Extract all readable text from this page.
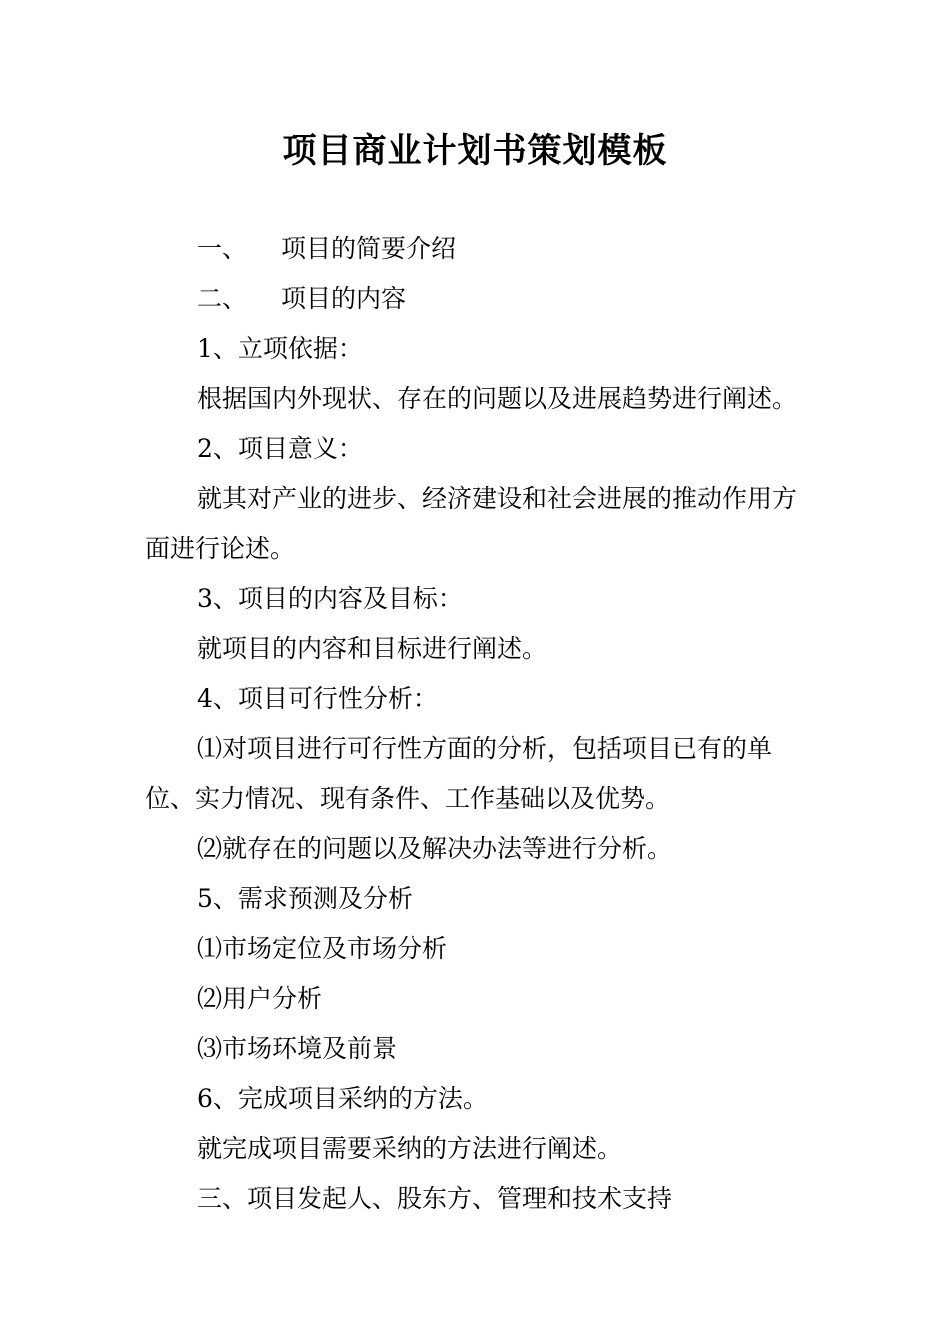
项目商业计划书策划模板

一、 项目的简要介绍

二、 项目的内容

1、立项依据：

根据国内外现状、存在的问题以及进展趋势进行阐述。

2、项目意义：

就其对产业的进步、经济建设和社会进展的推动作用方面进行论述。

3、项目的内容及目标：

就项目的内容和目标进行阐述。

4、项目可行性分析：

⑴对项目进行可行性方面的分析，包括项目已有的单位、实力情况、现有条件、工作基础以及优势。

⑵就存在的问题以及解决办法等进行分析。

5、需求预测及分析

⑴市场定位及市场分析

⑵用户分析

⑶市场环境及前景

6、完成项目采纳的方法。

就完成项目需要采纳的方法进行阐述。

三、项目发起人、股东方、管理和技术支持
